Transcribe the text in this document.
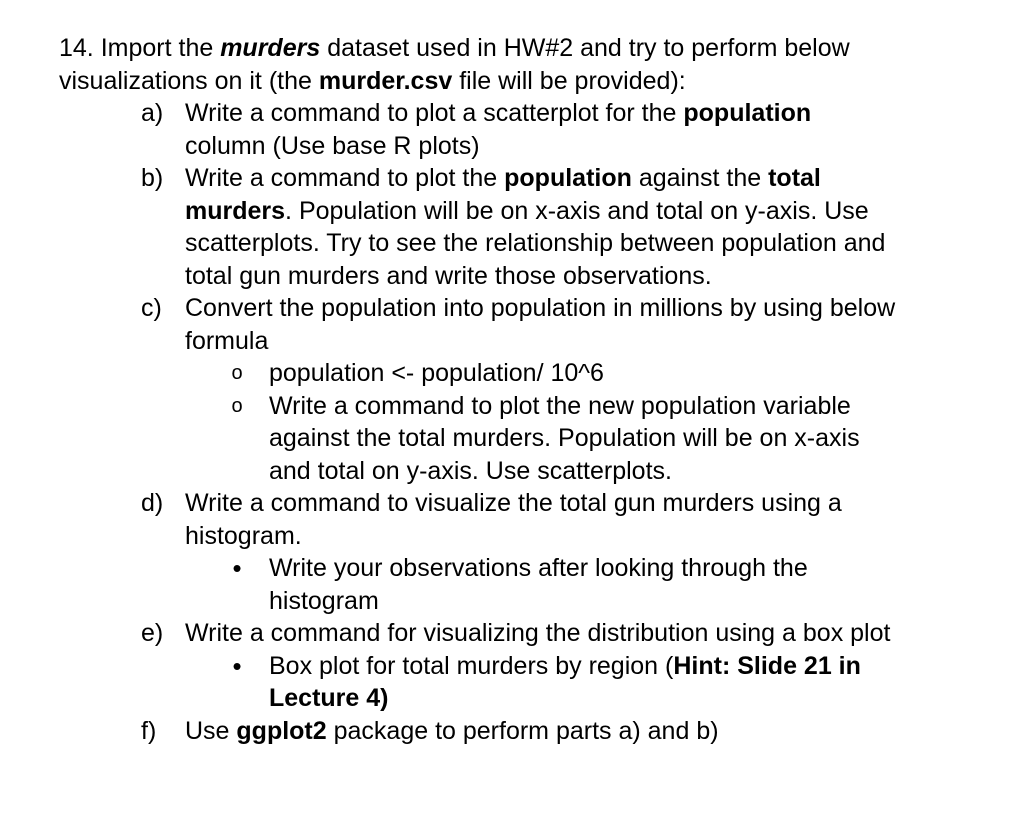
14. Import the murders dataset used in HW#2 and try to perform below
visualizations on it (the murder.csv file will be provided):
a) Write a command to plot a scatterplot for the population
column (Use base R plots)
b) Write a command to plot the population against the total
murders. Population will be on x-axis and total on y-axis. Use
scatterplots. Try to see the relationship between population and
total gun murders and write those observations.
c) Convert the population into population in millions by using below
formula
o population <- population/ 10^6
o Write a command to plot the new population variable
against the total murders. Population will be on x-axis
and total on y-axis. Use scatterplots.
d) Write a command to visualize the total gun murders using a
histogram.
• Write your observations after looking through the
histogram
e) Write a command for visualizing the distribution using a box plot
• Box plot for total murders by region (Hint: Slide 21 in
Lecture 4)
f) Use ggplot2 package to perform parts a) and b)
